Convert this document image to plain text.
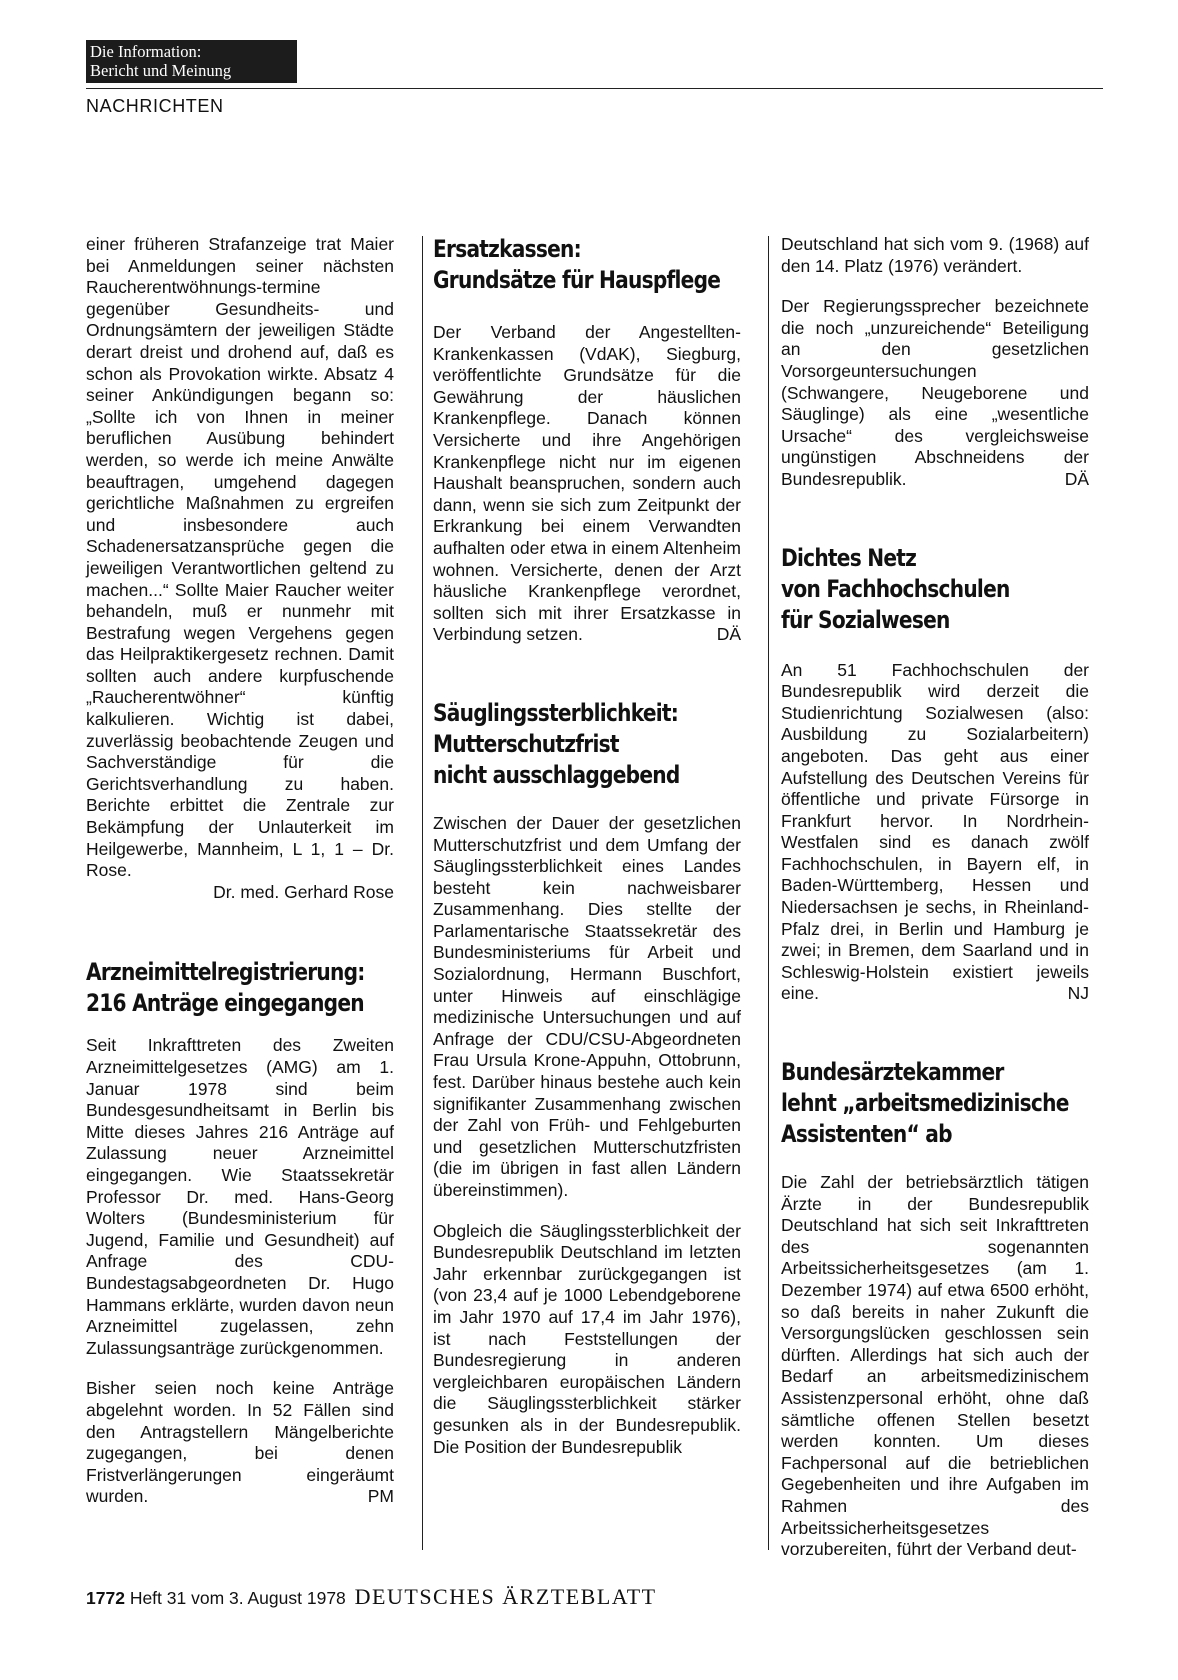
Die Information:
Bericht und Meinung
NACHRICHTEN

einer früheren Strafanzeige trat Maier bei Anmeldungen seiner nächsten Raucherentwöhnungs-termine gegenüber Gesundheits- und Ordnungsämtern der jeweiligen Städte derart dreist und drohend auf, daß es schon als Provokation wirkte. Absatz 4 seiner Ankündigungen begann so: „Sollte ich von Ihnen in meiner beruflichen Ausübung behindert werden, so werde ich meine Anwälte beauftragen, umgehend dagegen gerichtliche Maßnahmen zu ergreifen und insbesondere auch Schadenersatzansprüche gegen die jeweiligen Verantwortlichen geltend zu machen...“ Sollte Maier Raucher weiter behandeln, muß er nunmehr mit Bestrafung wegen Vergehens gegen das Heilpraktikergesetz rechnen. Damit sollten auch andere kurpfuschende „Raucherentwöhner“ künftig kalkulieren. Wichtig ist dabei, zuverlässig beobachtende Zeugen und Sachverständige für die Gerichtsverhandlung zu haben. Berichte erbittet die Zentrale zur Bekämpfung der Unlauterkeit im Heilgewerbe, Mannheim, L 1, 1 – Dr. Rose.

Dr. med. Gerhard Rose

Arzneimittelregistrierung:
216 Anträge eingegangen

Seit Inkrafttreten des Zweiten Arzneimittelgesetzes (AMG) am 1. Januar 1978 sind beim Bundesgesundheitsamt in Berlin bis Mitte dieses Jahres 216 Anträge auf Zulassung neuer Arzneimittel eingegangen. Wie Staatssekretär Professor Dr. med. Hans-Georg Wolters (Bundesministerium für Jugend, Familie und Gesundheit) auf Anfrage des CDU-Bundestagsabgeordneten Dr. Hugo Hammans erklärte, wurden davon neun Arzneimittel zugelassen, zehn Zulassungsanträge zurückgenommen.

Bisher seien noch keine Anträge abgelehnt worden. In 52 Fällen sind den Antragstellern Mängelberichte zugegangen, bei denen Fristverlängerungen eingeräumt wurden.	PM

Ersatzkassen:
Grundsätze für Hauspflege

Der Verband der Angestellten-Krankenkassen (VdAK), Siegburg, veröffentlichte Grundsätze für die Gewährung der häuslichen Krankenpflege. Danach können Versicherte und ihre Angehörigen Krankenpflege nicht nur im eigenen Haushalt beanspruchen, sondern auch dann, wenn sie sich zum Zeitpunkt der Erkrankung bei einem Verwandten aufhalten oder etwa in einem Altenheim wohnen. Versicherte, denen der Arzt häusliche Krankenpflege verordnet, sollten sich mit ihrer Ersatzkasse in Verbindung setzen.	DÄ

Säuglingssterblichkeit:
Mutterschutzfrist
nicht ausschlaggebend

Zwischen der Dauer der gesetzlichen Mutterschutzfrist und dem Umfang der Säuglingssterblichkeit eines Landes besteht kein nachweisbarer Zusammenhang. Dies stellte der Parlamentarische Staatssekretär des Bundesministeriums für Arbeit und Sozialordnung, Hermann Buschfort, unter Hinweis auf einschlägige medizinische Untersuchungen und auf Anfrage der CDU/CSU-Abgeordneten Frau Ursula Krone-Appuhn, Ottobrunn, fest. Darüber hinaus bestehe auch kein signifikanter Zusammenhang zwischen der Zahl von Früh- und Fehlgeburten und gesetzlichen Mutterschutzfristen (die im übrigen in fast allen Ländern übereinstimmen).

Obgleich die Säuglingssterblichkeit der Bundesrepublik Deutschland im letzten Jahr erkennbar zurückgegangen ist (von 23,4 auf je 1000 Lebendgeborene im Jahr 1970 auf 17,4 im Jahr 1976), ist nach Feststellungen der Bundesregierung in anderen vergleichbaren europäischen Ländern die Säuglingssterblichkeit stärker gesunken als in der Bundesrepublik. Die Position der Bundesrepublik

Deutschland hat sich vom 9. (1968) auf den 14. Platz (1976) verändert.

Der Regierungssprecher bezeichnete die noch „unzureichende“ Beteiligung an den gesetzlichen Vorsorgeuntersuchungen (Schwangere, Neugeborene und Säuglinge) als eine „wesentliche Ursache“ des vergleichsweise ungünstigen Abschneidens der Bundesrepublik.	DÄ

Dichtes Netz
von Fachhochschulen
für Sozialwesen

An 51 Fachhochschulen der Bundesrepublik wird derzeit die Studienrichtung Sozialwesen (also: Ausbildung zu Sozialarbeitern) angeboten. Das geht aus einer Aufstellung des Deutschen Vereins für öffentliche und private Fürsorge in Frankfurt hervor. In Nordrhein-Westfalen sind es danach zwölf Fachhochschulen, in Bayern elf, in Baden-Württemberg, Hessen und Niedersachsen je sechs, in Rheinland-Pfalz drei, in Berlin und Hamburg je zwei; in Bremen, dem Saarland und in Schleswig-Holstein existiert jeweils eine.	NJ

Bundesärztekammer
lehnt „arbeitsmedizinische
Assistenten“ ab

Die Zahl der betriebsärztlich tätigen Ärzte in der Bundesrepublik Deutschland hat sich seit Inkrafttreten des sogenannten Arbeitssicherheitsgesetzes (am 1. Dezember 1974) auf etwa 6500 erhöht, so daß bereits in naher Zukunft die Versorgungslücken geschlossen sein dürften. Allerdings hat sich auch der Bedarf an arbeitsmedizinischem Assistenzpersonal erhöht, ohne daß sämtliche offenen Stellen besetzt werden konnten. Um dieses Fachpersonal auf die betrieblichen Gegebenheiten und ihre Aufgaben im Rahmen des Arbeitssicherheitsgesetzes vorzubereiten, führt der Verband deut-

1772 Heft 31 vom 3. August 1978 DEUTSCHES ÄRZTEBLATT
